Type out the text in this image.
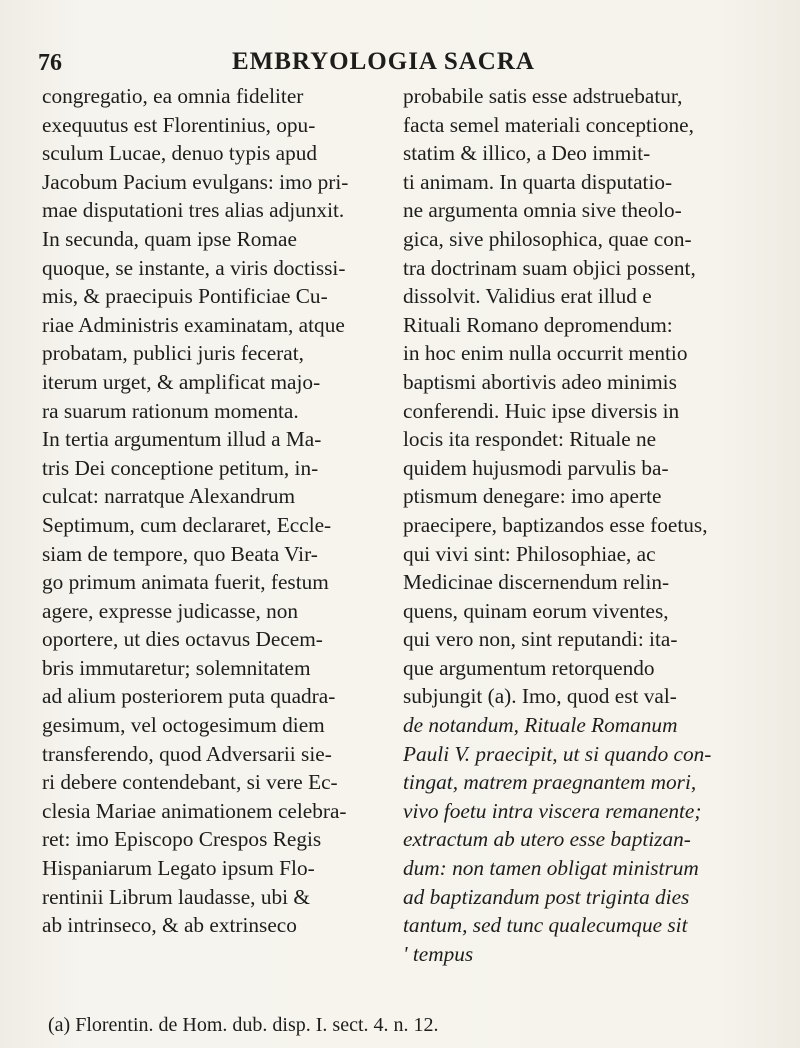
76	EMBRYOLOGIA SACRA
congregatio, ea omnia fideliter
exequutus est Florentinius, opu-
sculum Lucae, denuo typis apud
Jacobum Pacium evulgans: imo pri-
mae disputationi tres alias adjunxit.
In secunda, quam ipse Romae
quoque, se instante, a viris doctissi-
mis, & praecipuis Pontificiae Cu-
riae Administris examinatam, atque
probatam, publici juris fecerat,
iterum urget, & amplificat majo-
ra suarum rationum momenta.
In tertia argumentum illud a Ma-
tris Dei conceptione petitum, in-
culcat: narratque Alexandrum
Septimum, cum declararet, Eccle-
siam de tempore, quo Beata Vir-
go primum animata fuerit, festum
agere, expresse judicasse, non
oportere, ut dies octavus Decem-
bris immutaretur; solemnitatem
ad alium posteriorem puta quadra-
gesimum, vel octogesimum diem
transferendo, quod Adversarii sie-
ri debere contendebant, si vere Ec-
clesia Mariae animationem celebra-
ret: imo Episcopo Crespos Regis
Hispaniarum Legato ipsum Flo-
rentinii Librum laudasse, ubi &
ab intrinseco, & ab extrinseco
probabile satis esse adstruebatur,
facta semel materiali conceptione,
statim & illico, a Deo immit-
ti animam. In quarta disputatio-
ne argumenta omnia sive theolo-
gica, sive philosophica, quae con-
tra doctrinam suam objici possent,
dissolvit. Validius erat illud e
Rituali Romano depromendum:
in hoc enim nulla occurrit mentio
baptismi abortivis adeo minimis
conferendi. Huic ipse diversis in
locis ita respondet: Rituale ne
quidem hujusmodi parvulis ba-
ptismum denegare: imo aperte
praecipere, baptizandos esse foetus,
qui vivi sint: Philosophiae, ac
Medicinae discernendum relin-
quens, quinam eorum viventes,
qui vero non, sint reputandi: ita-
que argumentum retorquendo
subjungit (a). Imo, quod est val-
de notandum, Rituale Romanum
Pauli V. praecipit, ut si quando con-
tingat, matrem praegnantem mori,
vivo foetu intra viscera remanente;
extractum ab utero esse baptizan-
dum: non tamen obligat ministrum
ad baptizandum post triginta dies
tantum, sed tunc qualecumque sit
' tempus
(a) Florentin. de Hom. dub. disp. I. sect. 4. n. 12.
